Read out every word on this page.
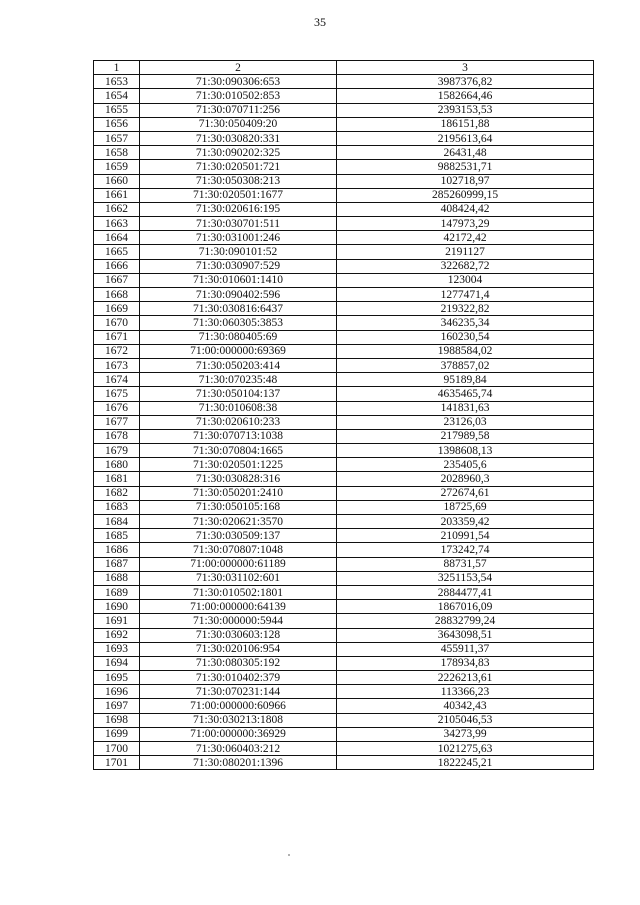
35
1	2	3
1653	71:30:090306:653	3987376,82
1654	71:30:010502:853	1582664,46
1655	71:30:070711:256	2393153,53
1656	71:30:050409:20	186151,88
1657	71:30:030820:331	2195613,64
1658	71:30:090202:325	26431,48
1659	71:30:020501:721	9882531,71
1660	71:30:050308:213	102718,97
1661	71:30:020501:1677	285260999,15
1662	71:30:020616:195	408424,42
1663	71:30:030701:511	147973,29
1664	71:30:031001:246	42172,42
1665	71:30:090101:52	2191127
1666	71:30:030907:529	322682,72
1667	71:30:010601:1410	123004
1668	71:30:090402:596	1277471,4
1669	71:30:030816:6437	219322,82
1670	71:30:060305:3853	346235,34
1671	71:30:080405:69	160230,54
1672	71:00:000000:69369	1988584,02
1673	71:30:050203:414	378857,02
1674	71:30:070235:48	95189,84
1675	71:30:050104:137	4635465,74
1676	71:30:010608:38	141831,63
1677	71:30:020610:233	23126,03
1678	71:30:070713:1038	217989,58
1679	71:30:070804:1665	1398608,13
1680	71:30:020501:1225	235405,6
1681	71:30:030828:316	2028960,3
1682	71:30:050201:2410	272674,61
1683	71:30:050105:168	18725,69
1684	71:30:020621:3570	203359,42
1685	71:30:030509:137	210991,54
1686	71:30:070807:1048	173242,74
1687	71:00:000000:61189	88731,57
1688	71:30:031102:601	3251153,54
1689	71:30:010502:1801	2884477,41
1690	71:00:000000:64139	1867016,09
1691	71:30:000000:5944	28832799,24
1692	71:30:030603:128	3643098,51
1693	71:30:020106:954	455911,37
1694	71:30:080305:192	178934,83
1695	71:30:010402:379	2226213,61
1696	71:30:070231:144	113366,23
1697	71:00:000000:60966	40342,43
1698	71:30:030213:1808	2105046,53
1699	71:00:000000:36929	34273,99
1700	71:30:060403:212	1021275,63
1701	71:30:080201:1396	1822245,21
